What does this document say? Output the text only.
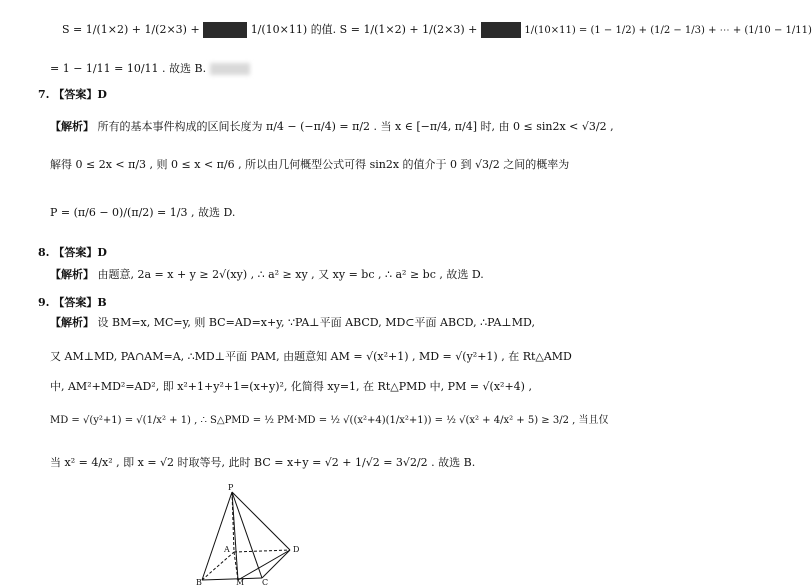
S = 1/(1×2) + 1/(2×3) +	1/(10×11) 的值. S = 1/(1×2) + 1/(2×3) +	1/(10×11) = (1 − 1/2) + (1/2 − 1/3) + ⋯ + (1/10 − 1/11)
= 1 − 1/11 = 10/11 . 故选 B.
7. 【答案】D
【解析】 所有的基本事件构成的区间长度为 π/4 − (−π/4) = π/2 . 当 x ∈ [−π/4, π/4] 时, 由 0 ≤ sin2x < √3/2 ,
解得 0 ≤ 2x < π/3 , 则 0 ≤ x < π/6 , 所以由几何概型公式可得 sin2x 的值介于 0 到 √3/2 之间的概率为
P = (π/6 − 0)/(π/2) = 1/3 , 故选 D.
8. 【答案】D
【解析】 由题意, 2a = x + y ≥ 2√(xy) , ∴ a² ≥ xy , 又 xy = bc , ∴ a² ≥ bc , 故选 D.
9. 【答案】B
【解析】 设 BM=x, MC=y, 则 BC=AD=x+y, ∵PA⊥平面 ABCD, MD⊂平面 ABCD, ∴PA⊥MD,
又 AM⊥MD, PA∩AM=A, ∴MD⊥平面 PAM, 由题意知 AM = √(x²+1) , MD = √(y²+1) , 在 Rt△AMD
中, AM²+MD²=AD², 即 x²+1+y²+1=(x+y)², 化简得 xy=1, 在 Rt△PMD 中, PM = √(x²+4) ,
MD = √(y²+1) = √(1/x² + 1) , ∴ S△PMD = ½ PM·MD = ½ √((x²+4)(1/x²+1)) = ½ √(x² + 4/x² + 5) ≥ 3/2 , 当且仅
当 x² = 4/x² , 即 x = √2 时取等号, 此时 BC = x+y = √2 + 1/√2 = 3√2/2 . 故选 B.
P
A	D
B	M C
